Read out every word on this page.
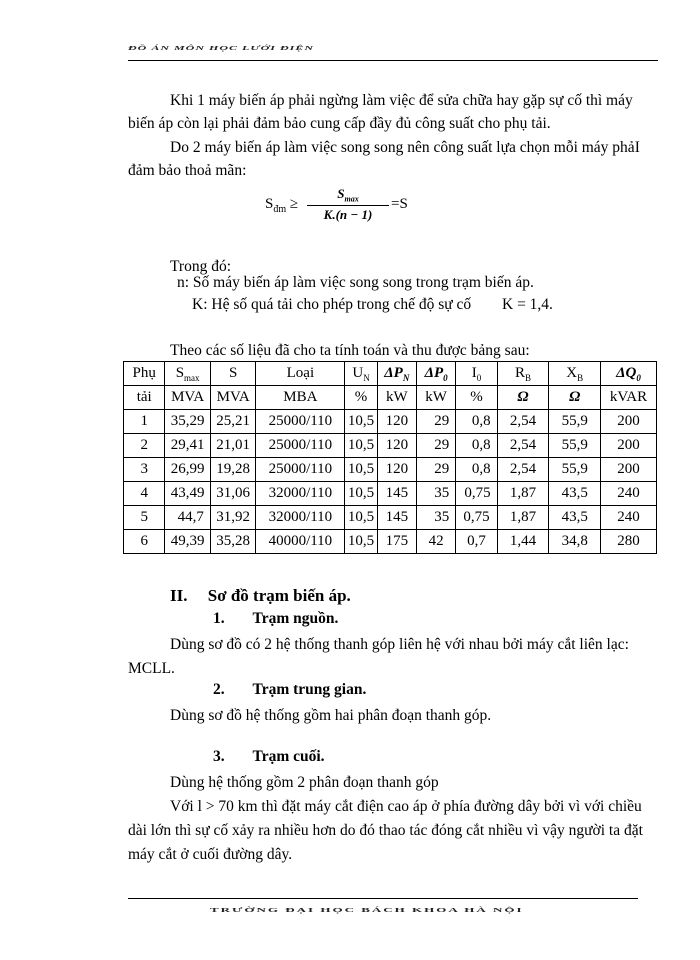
ĐỒ ÁN MÔN HỌC LƯỚI ĐIỆN
Khi 1 máy biến áp phải ngừng làm việc để sửa chữa hay gặp sự cố thì máy
biến áp còn lại phải đảm bảo cung cấp đầy đủ công suất cho phụ tải.
Do 2 máy biến áp làm việc song song nên công suất lựa chọn mỗi máy phảI
đảm bảo thoả mãn:
$S_{đm}$ ≥
$S_{max}$
K.(n − 1)
=S
Trong đó:
n: Số máy biến áp làm việc song song trong trạm biến áp.
K: Hệ số quá tải cho phép trong chế độ sự cố K = 1,4.
Theo các số liệu đã cho ta tính toán và thu được bảng sau:
Phụ	$S_{max}$	S	Loại	$U_N$	$\Delta P_N$	$\Delta P_0$	$I_0$	$R_B$	$X_B$	$\Delta Q_0$
tải	MVA	MVA	MBA	%	kW	kW	%	Ω	Ω	kVAR
1	35,29	25,21	25000/110	10,5	120	29	0,8	2,54	55,9	200
2	29,41	21,01	25000/110	10,5	120	29	0,8	2,54	55,9	200
3	26,99	19,28	25000/110	10,5	120	29	0,8	2,54	55,9	200
4	43,49	31,06	32000/110	10,5	145	35	0,75	1,87	43,5	240
5	44,7	31,92	32000/110	10,5	145	35	0,75	1,87	43,5	240
6	49,39	35,28	40000/110	10,5	175	42	0,7	1,44	34,8	280
II. Sơ đồ trạm biến áp.
1. Trạm nguồn.
Dùng sơ đồ có 2 hệ thống thanh góp liên hệ với nhau bởi máy cắt liên lạc:
MCLL.
2. Trạm trung gian.
Dùng sơ đồ hệ thống gồm hai phân đoạn thanh góp.
3. Trạm cuối.
Dùng hệ thống gồm 2 phân đoạn thanh góp
Với l > 70 km thì đặt máy cắt điện cao áp ở phía đường dây bởi vì với chiều
dài lớn thì sự cố xảy ra nhiều hơn do đó thao tác đóng cắt nhiều vì vậy người ta đặt
máy cắt ở cuối đường dây.
TRƯỜNG ĐẠI HỌC BÁCH KHOA HÀ NỘI
